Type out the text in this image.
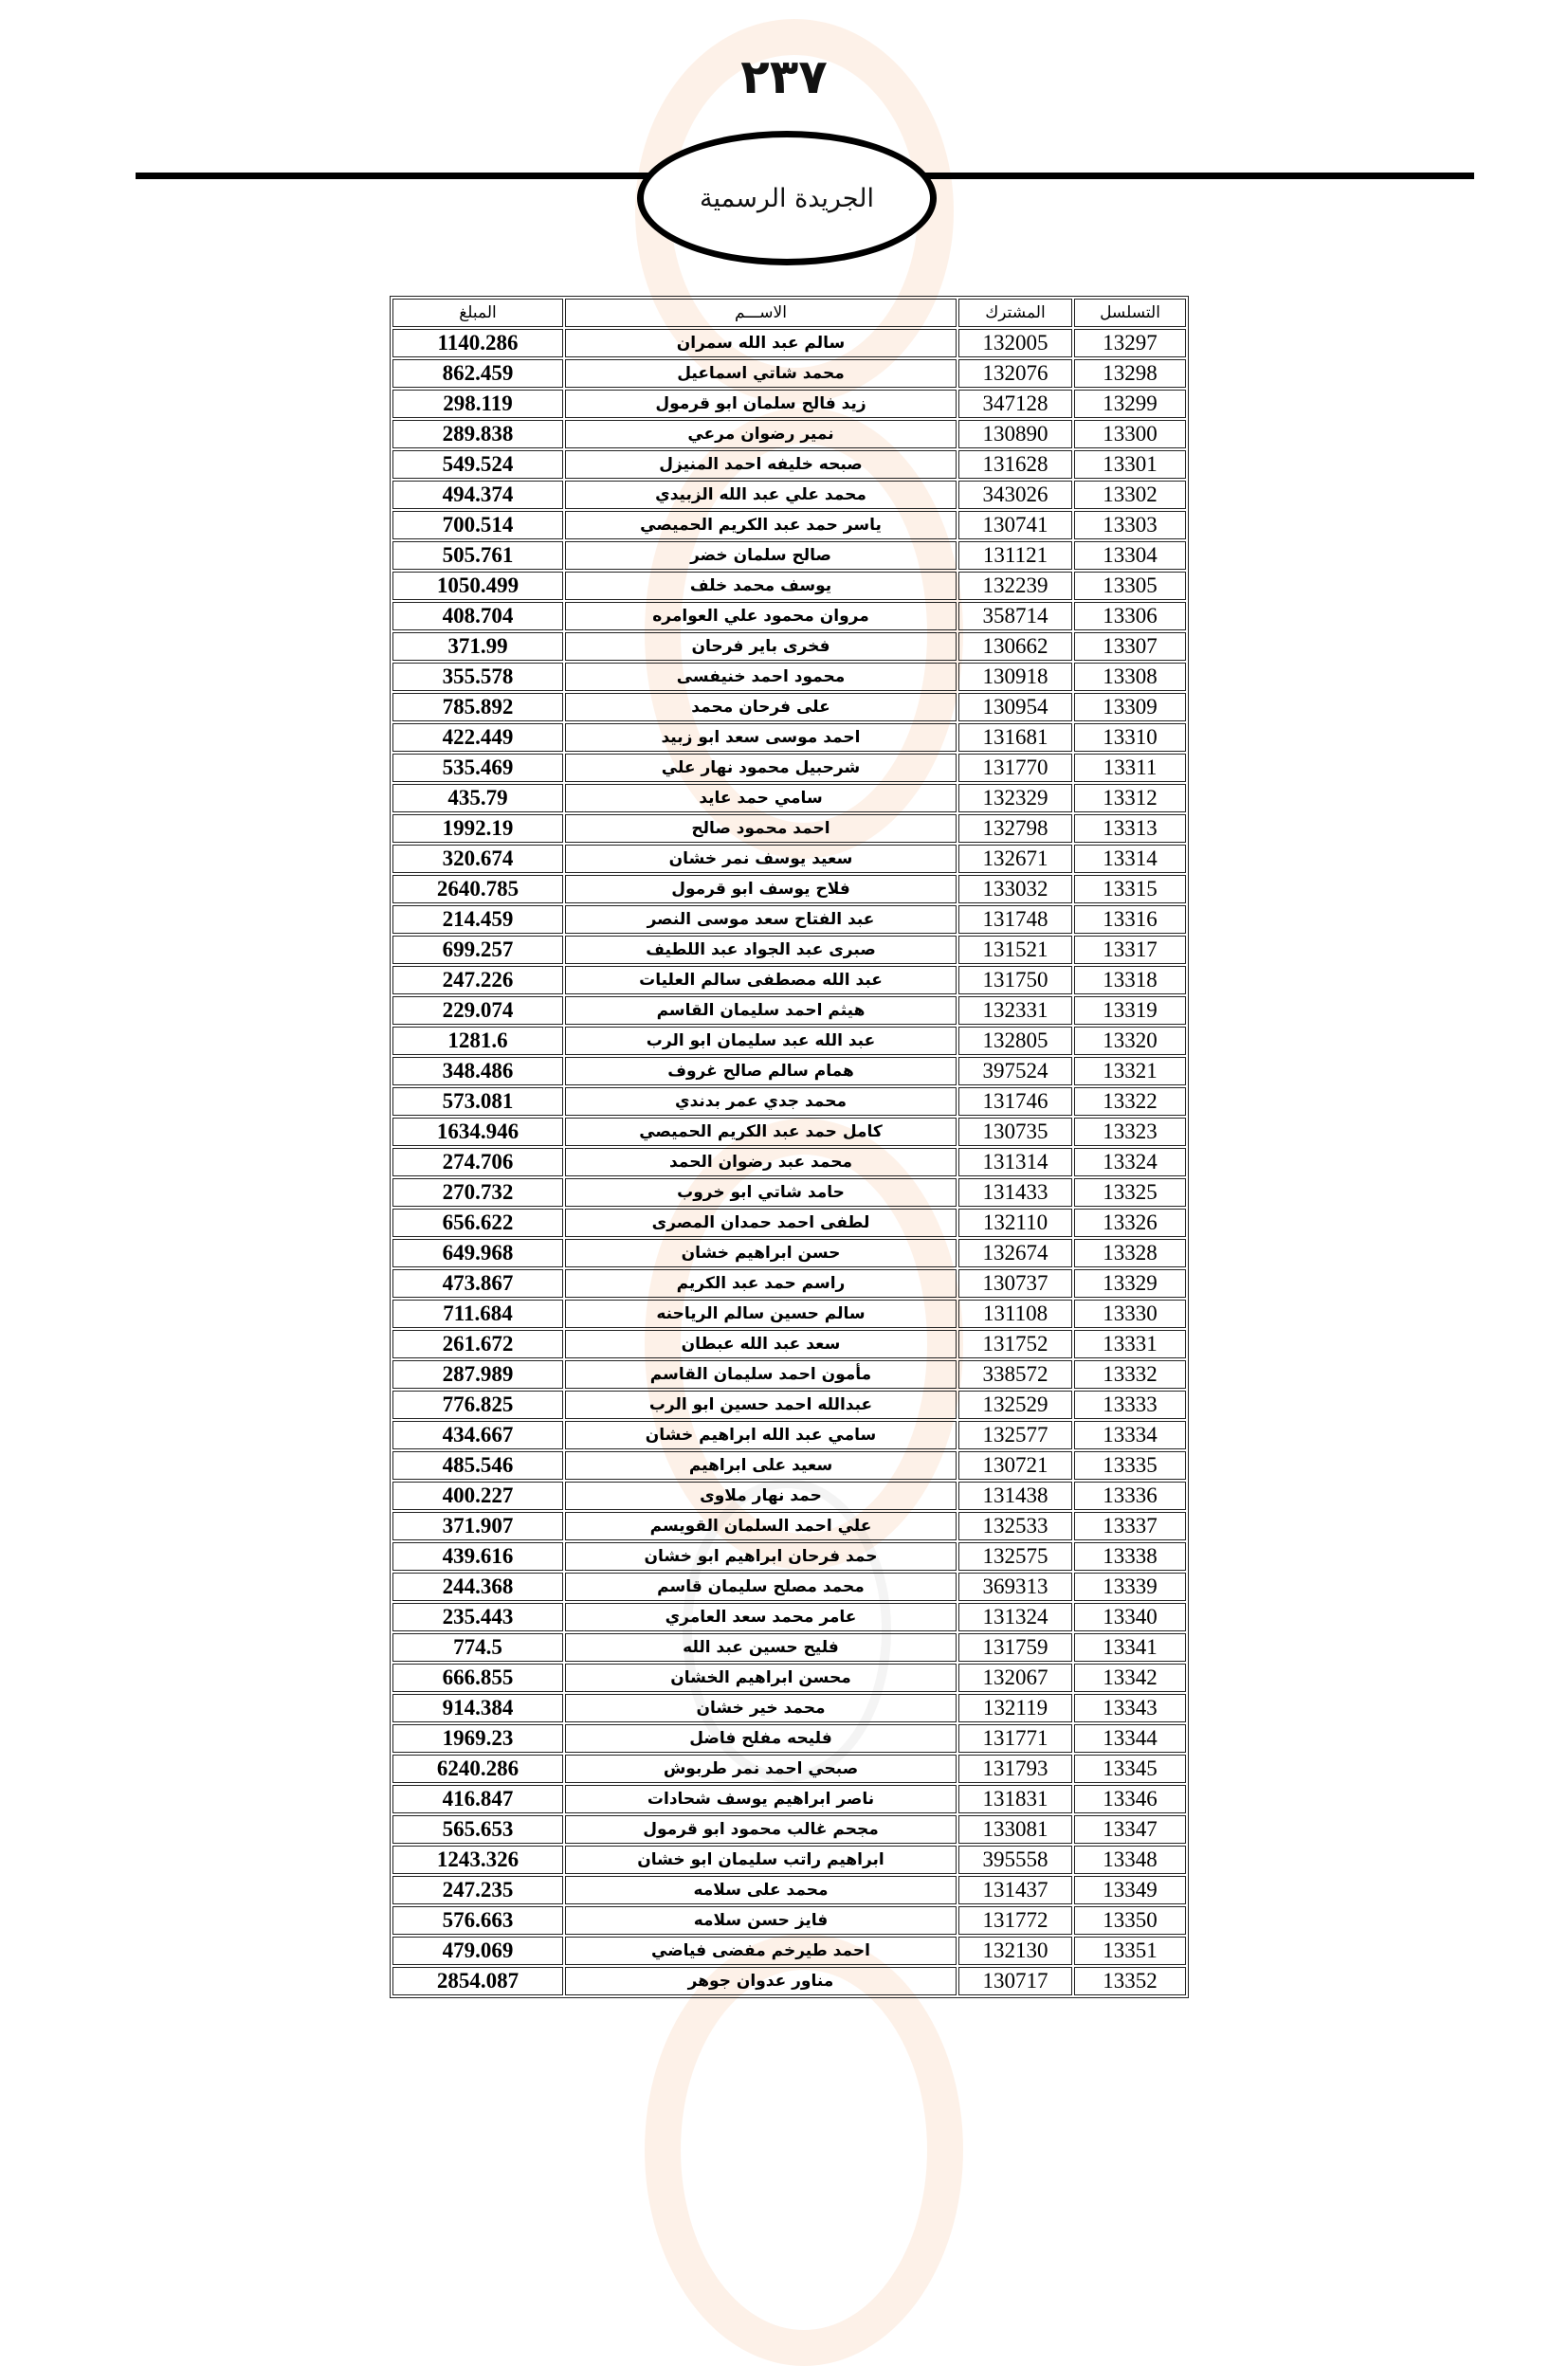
٢٣٧
الجريدة الرسمية
التسلسل	المشترك	الاســـم	المبلغ
13297	132005	سالم عبد الله سمران	1140.286
13298	132076	محمد شاتي اسماعيل	862.459
13299	347128	زيد فالح سلمان ابو قرمول	298.119
13300	130890	نمير رضوان مرعي	289.838
13301	131628	صبحه خليفه احمد المنيزل	549.524
13302	343026	محمد علي عبد الله الزبيدي	494.374
13303	130741	ياسر حمد عبد الكريم الحميصي	700.514
13304	131121	صالح سلمان خضر	505.761
13305	132239	يوسف محمد خلف	1050.499
13306	358714	مروان محمود علي العوامره	408.704
13307	130662	فخرى باير فرحان	371.99
13308	130918	محمود احمد خنيفسى	355.578
13309	130954	على فرحان محمد	785.892
13310	131681	احمد موسى سعد ابو زبيد	422.449
13311	131770	شرحبيل محمود نهار علي	535.469
13312	132329	سامي حمد عايد	435.79
13313	132798	احمد محمود صالح	1992.19
13314	132671	سعيد يوسف نمر خشان	320.674
13315	133032	فلاح يوسف ابو قرمول	2640.785
13316	131748	عبد الفتاح سعد موسى النصر	214.459
13317	131521	صبرى عبد الجواد عبد اللطيف	699.257
13318	131750	عبد الله مصطفى سالم العليات	247.226
13319	132331	هيثم احمد سليمان القاسم	229.074
13320	132805	عبد الله عبد سليمان ابو الرب	1281.6
13321	397524	همام سالم صالح غروف	348.486
13322	131746	محمد جدي عمر بدندي	573.081
13323	130735	كامل حمد عبد الكريم الحميصي	1634.946
13324	131314	محمد عبد رضوان الحمد	274.706
13325	131433	حامد شاتي ابو خروب	270.732
13326	132110	لطفى احمد حمدان المصرى	656.622
13328	132674	حسن ابراهيم خشان	649.968
13329	130737	راسم حمد عبد الكريم	473.867
13330	131108	سالم حسين سالم الرياحنه	711.684
13331	131752	سعد عبد الله عبطان	261.672
13332	338572	مأمون احمد سليمان القاسم	287.989
13333	132529	عبدالله احمد حسين ابو الرب	776.825
13334	132577	سامي عبد الله ابراهيم خشان	434.667
13335	130721	سعيد على ابراهيم	485.546
13336	131438	حمد نهار ملاوى	400.227
13337	132533	علي احمد السلمان القويسم	371.907
13338	132575	حمد فرحان ابراهيم ابو خشان	439.616
13339	369313	محمد مصلح سليمان قاسم	244.368
13340	131324	عامر محمد سعد العامري	235.443
13341	131759	فليح حسين عبد الله	774.5
13342	132067	محسن ابراهيم الخشان	666.855
13343	132119	محمد خير خشان	914.384
13344	131771	فليحه مفلح فاضل	1969.23
13345	131793	صبحي احمد نمر طربوش	6240.286
13346	131831	ناصر ابراهيم يوسف شحادات	416.847
13347	133081	مجحم غالب محمود ابو قرمول	565.653
13348	395558	ابراهيم راتب سليمان ابو خشان	1243.326
13349	131437	محمد على سلامه	247.235
13350	131772	فايز حسن سلامه	576.663
13351	132130	احمد طيرخم مفضى فياضي	479.069
13352	130717	مناور عدوان جوهر	2854.087
